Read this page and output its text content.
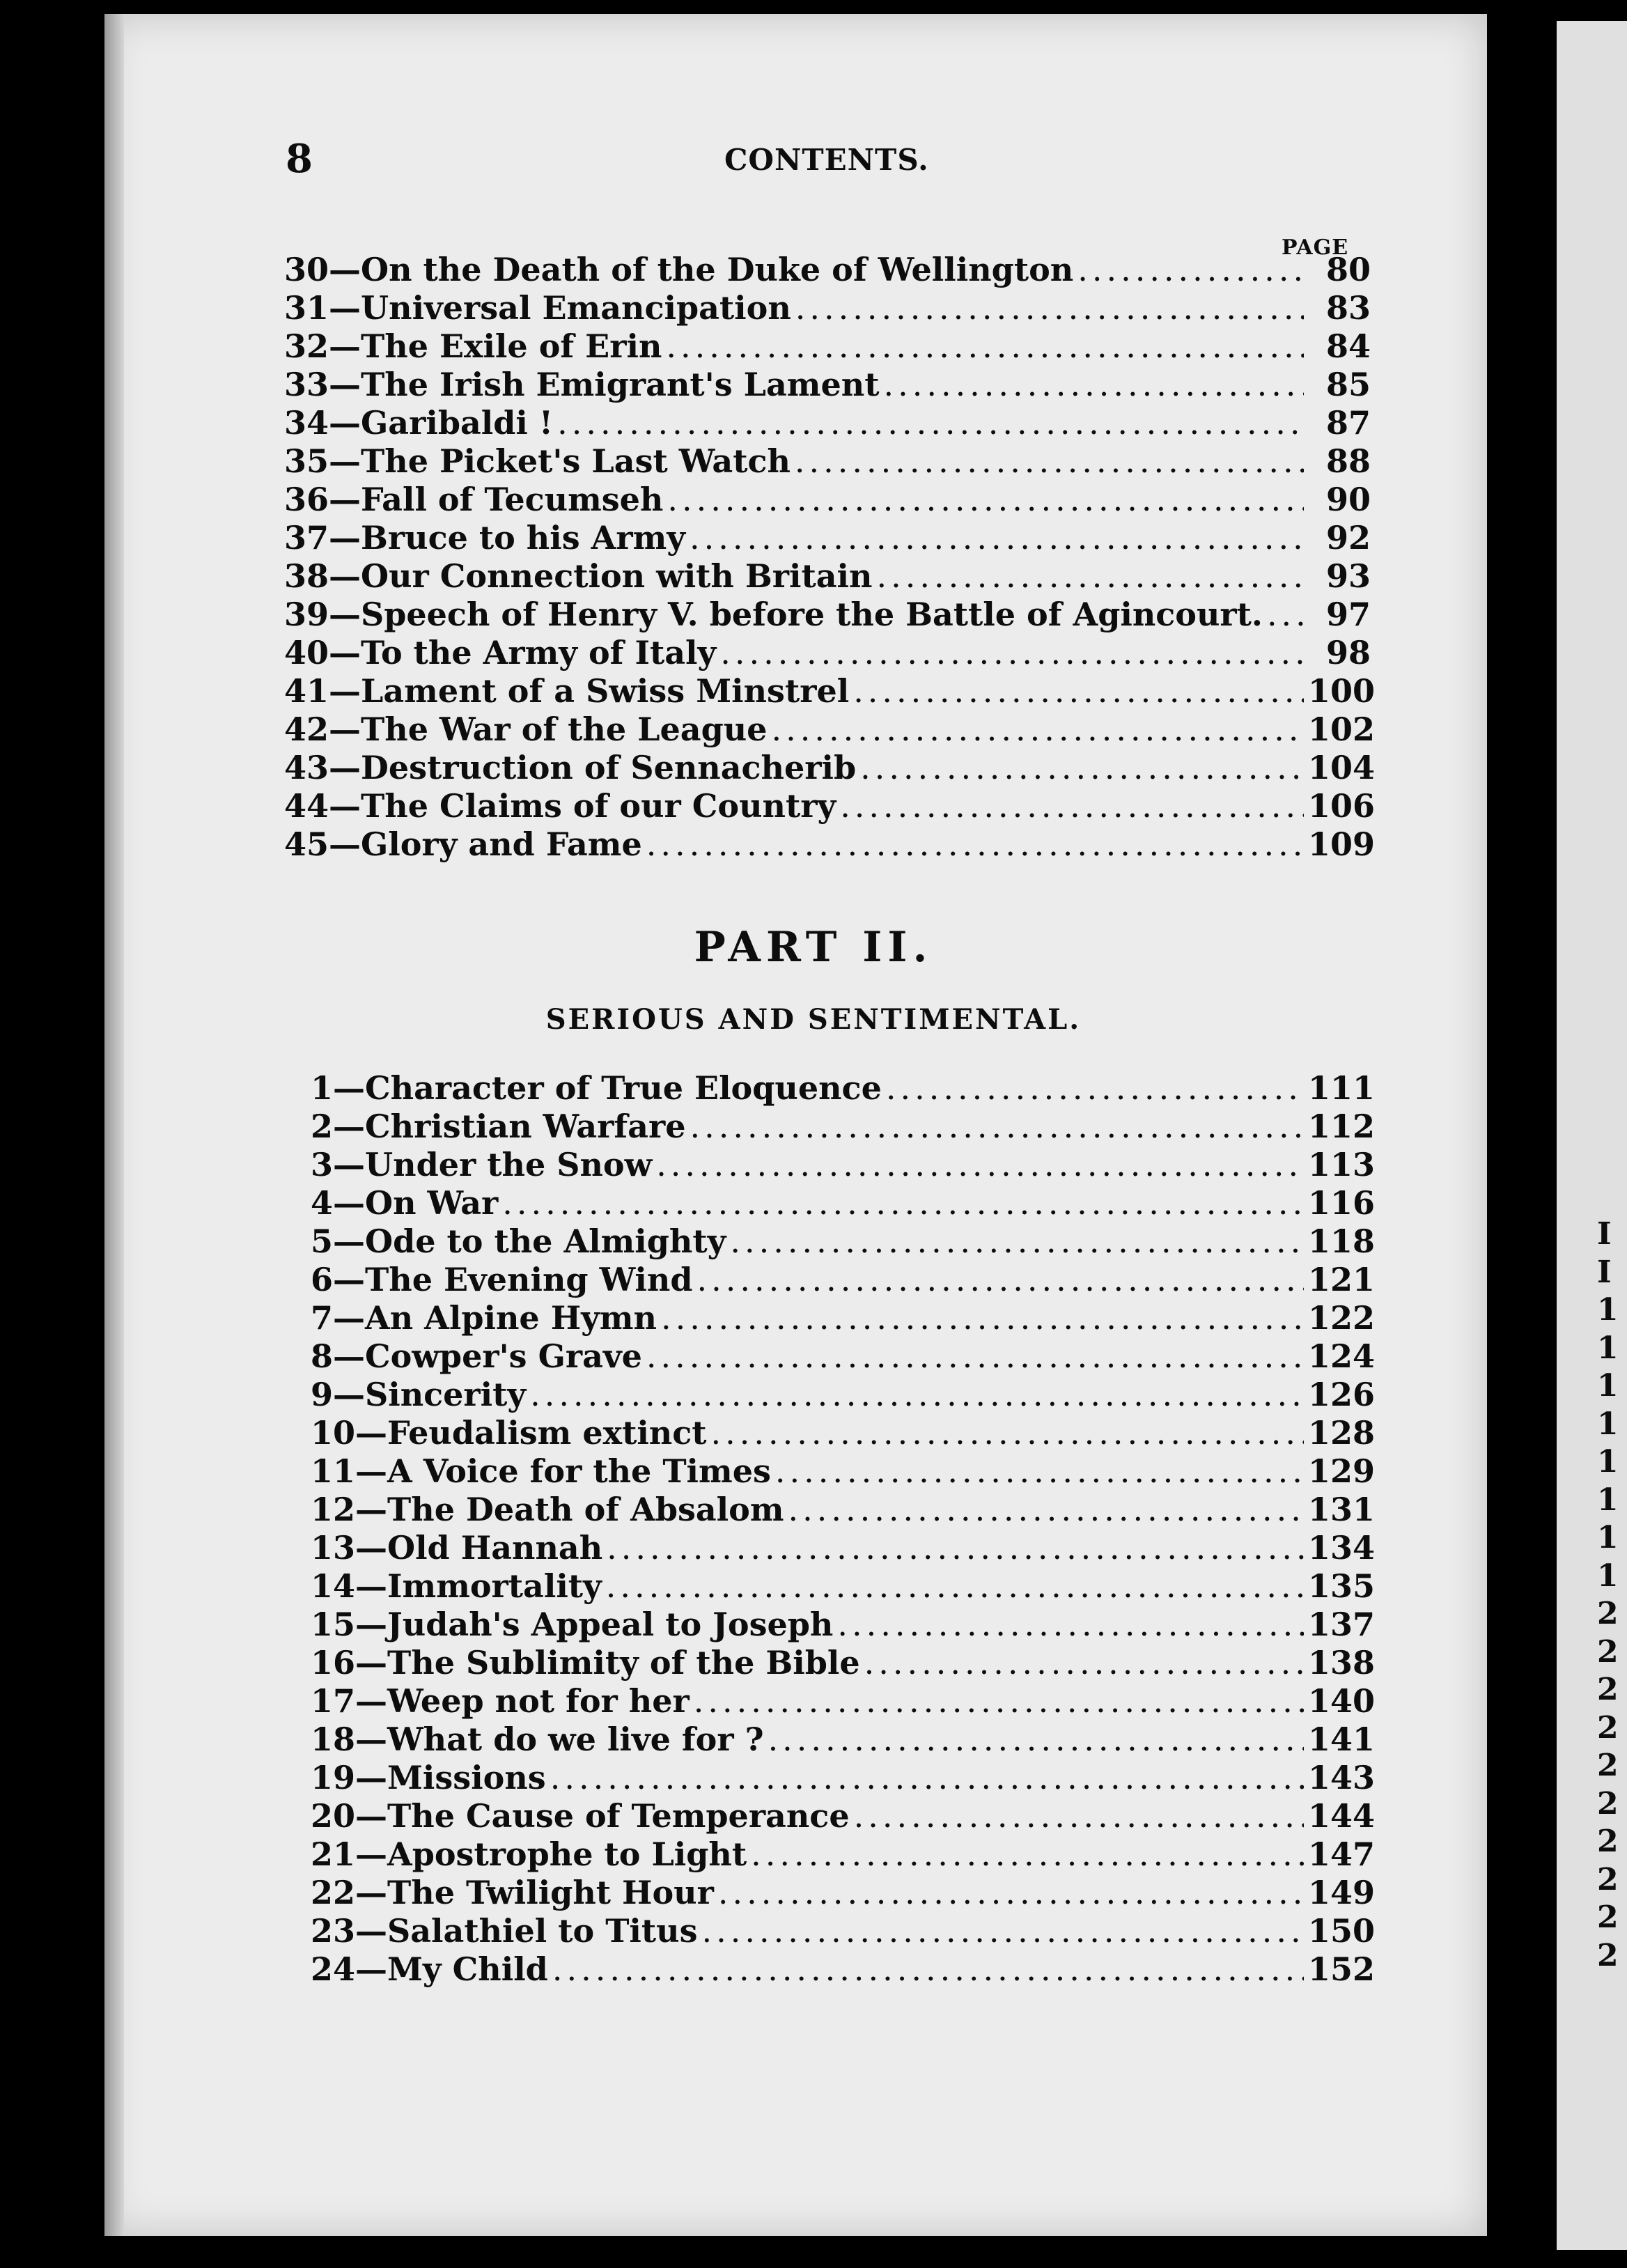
I
I
1
1
1
1
1
1
1
1
2
2
2
2
2
2
2
2
2
2
8	CONTENTS.
PAGE
30 — On the Death of the Duke of Wellington .....	80
31 — Universal Emancipation .....	83
32 — The Exile of Erin .....	84
33 — The Irish Emigrant's Lament .....	85
34 — Garibaldi ! .....	87
35 — The Picket's Last Watch .....	88
36 — Fall of Tecumseh .....	90
37 — Bruce to his Army .....	92
38 — Our Connection with Britain .....	93
39 — Speech of Henry V. before the Battle of Agincourt. .....	97
40 — To the Army of Italy .....	98
41 — Lament of a Swiss Minstrel .....	100
42 — The War of the League .....	102
43 — Destruction of Sennacherib .....	104
44 — The Claims of our Country .....	106
45 — Glory and Fame .....	109
PART II.
SERIOUS AND SENTIMENTAL.
1 — Character of True Eloquence .....	111
2 — Christian Warfare .....	112
3 — Under the Snow .....	113
4 — On War .....	116
5 — Ode to the Almighty .....	118
6 — The Evening Wind .....	121
7 — An Alpine Hymn .....	122
8 — Cowper's Grave .....	124
9 — Sincerity .....	126
10 — Feudalism extinct .....	128
11 — A Voice for the Times .....	129
12 — The Death of Absalom .....	131
13 — Old Hannah .....	134
14 — Immortality .....	135
15 — Judah's Appeal to Joseph .....	137
16 — The Sublimity of the Bible .....	138
17 — Weep not for her .....	140
18 — What do we live for ? .....	141
19 — Missions .....	143
20 — The Cause of Temperance .....	144
21 — Apostrophe to Light .....	147
22 — The Twilight Hour .....	149
23 — Salathiel to Titus .....	150
24 — My Child .....	152
